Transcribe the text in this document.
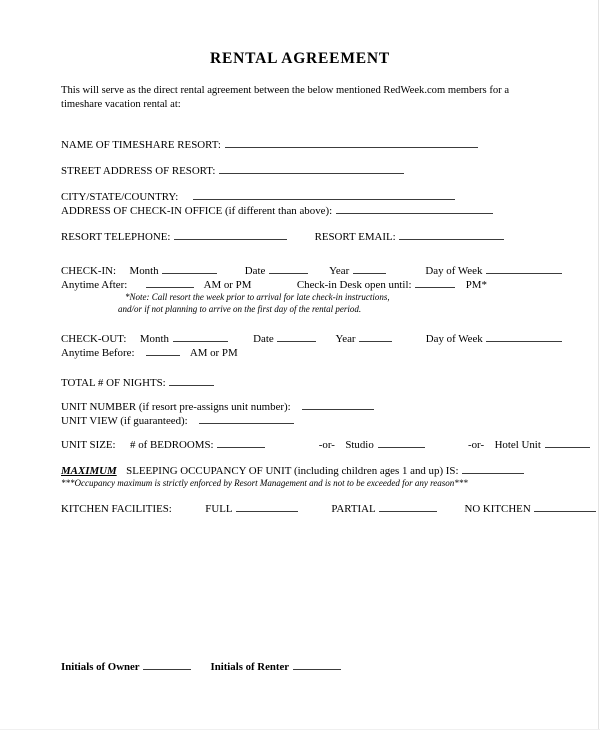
RENTAL AGREEMENT
This will serve as the direct rental agreement between the below mentioned RedWeek.com members for a timeshare vacation rental at:
NAME OF TIMESHARE RESORT:
STREET ADDRESS OF RESORT:
CITY/STATE/COUNTRY:
ADDRESS OF CHECK-IN OFFICE (if different than above):
RESORT TELEPHONE:	RESORT EMAIL:
CHECK-IN: Month	Date	Year	Day of Week
Anytime After:	AM or PM	Check-in Desk open until:	PM*
*Note: Call resort the week prior to arrival for late check-in instructions,
and/or if not planning to arrive on the first day of the rental period.
CHECK-OUT: Month	Date	Year	Day of Week
Anytime Before:	AM or PM
TOTAL # OF NIGHTS:
UNIT NUMBER (if resort pre-assigns unit number):
UNIT VIEW (if guaranteed):
UNIT SIZE: # of BEDROOMS:	-or- Studio	-or- Hotel Unit
MAXIMUM SLEEPING OCCUPANCY OF UNIT (including children ages 1 and up) IS:
***Occupancy maximum is strictly enforced by Resort Management and is not to be exceeded for any reason***
KITCHEN FACILITIES:	FULL	PARTIAL	NO KITCHEN
Initials of Owner	Initials of Renter
